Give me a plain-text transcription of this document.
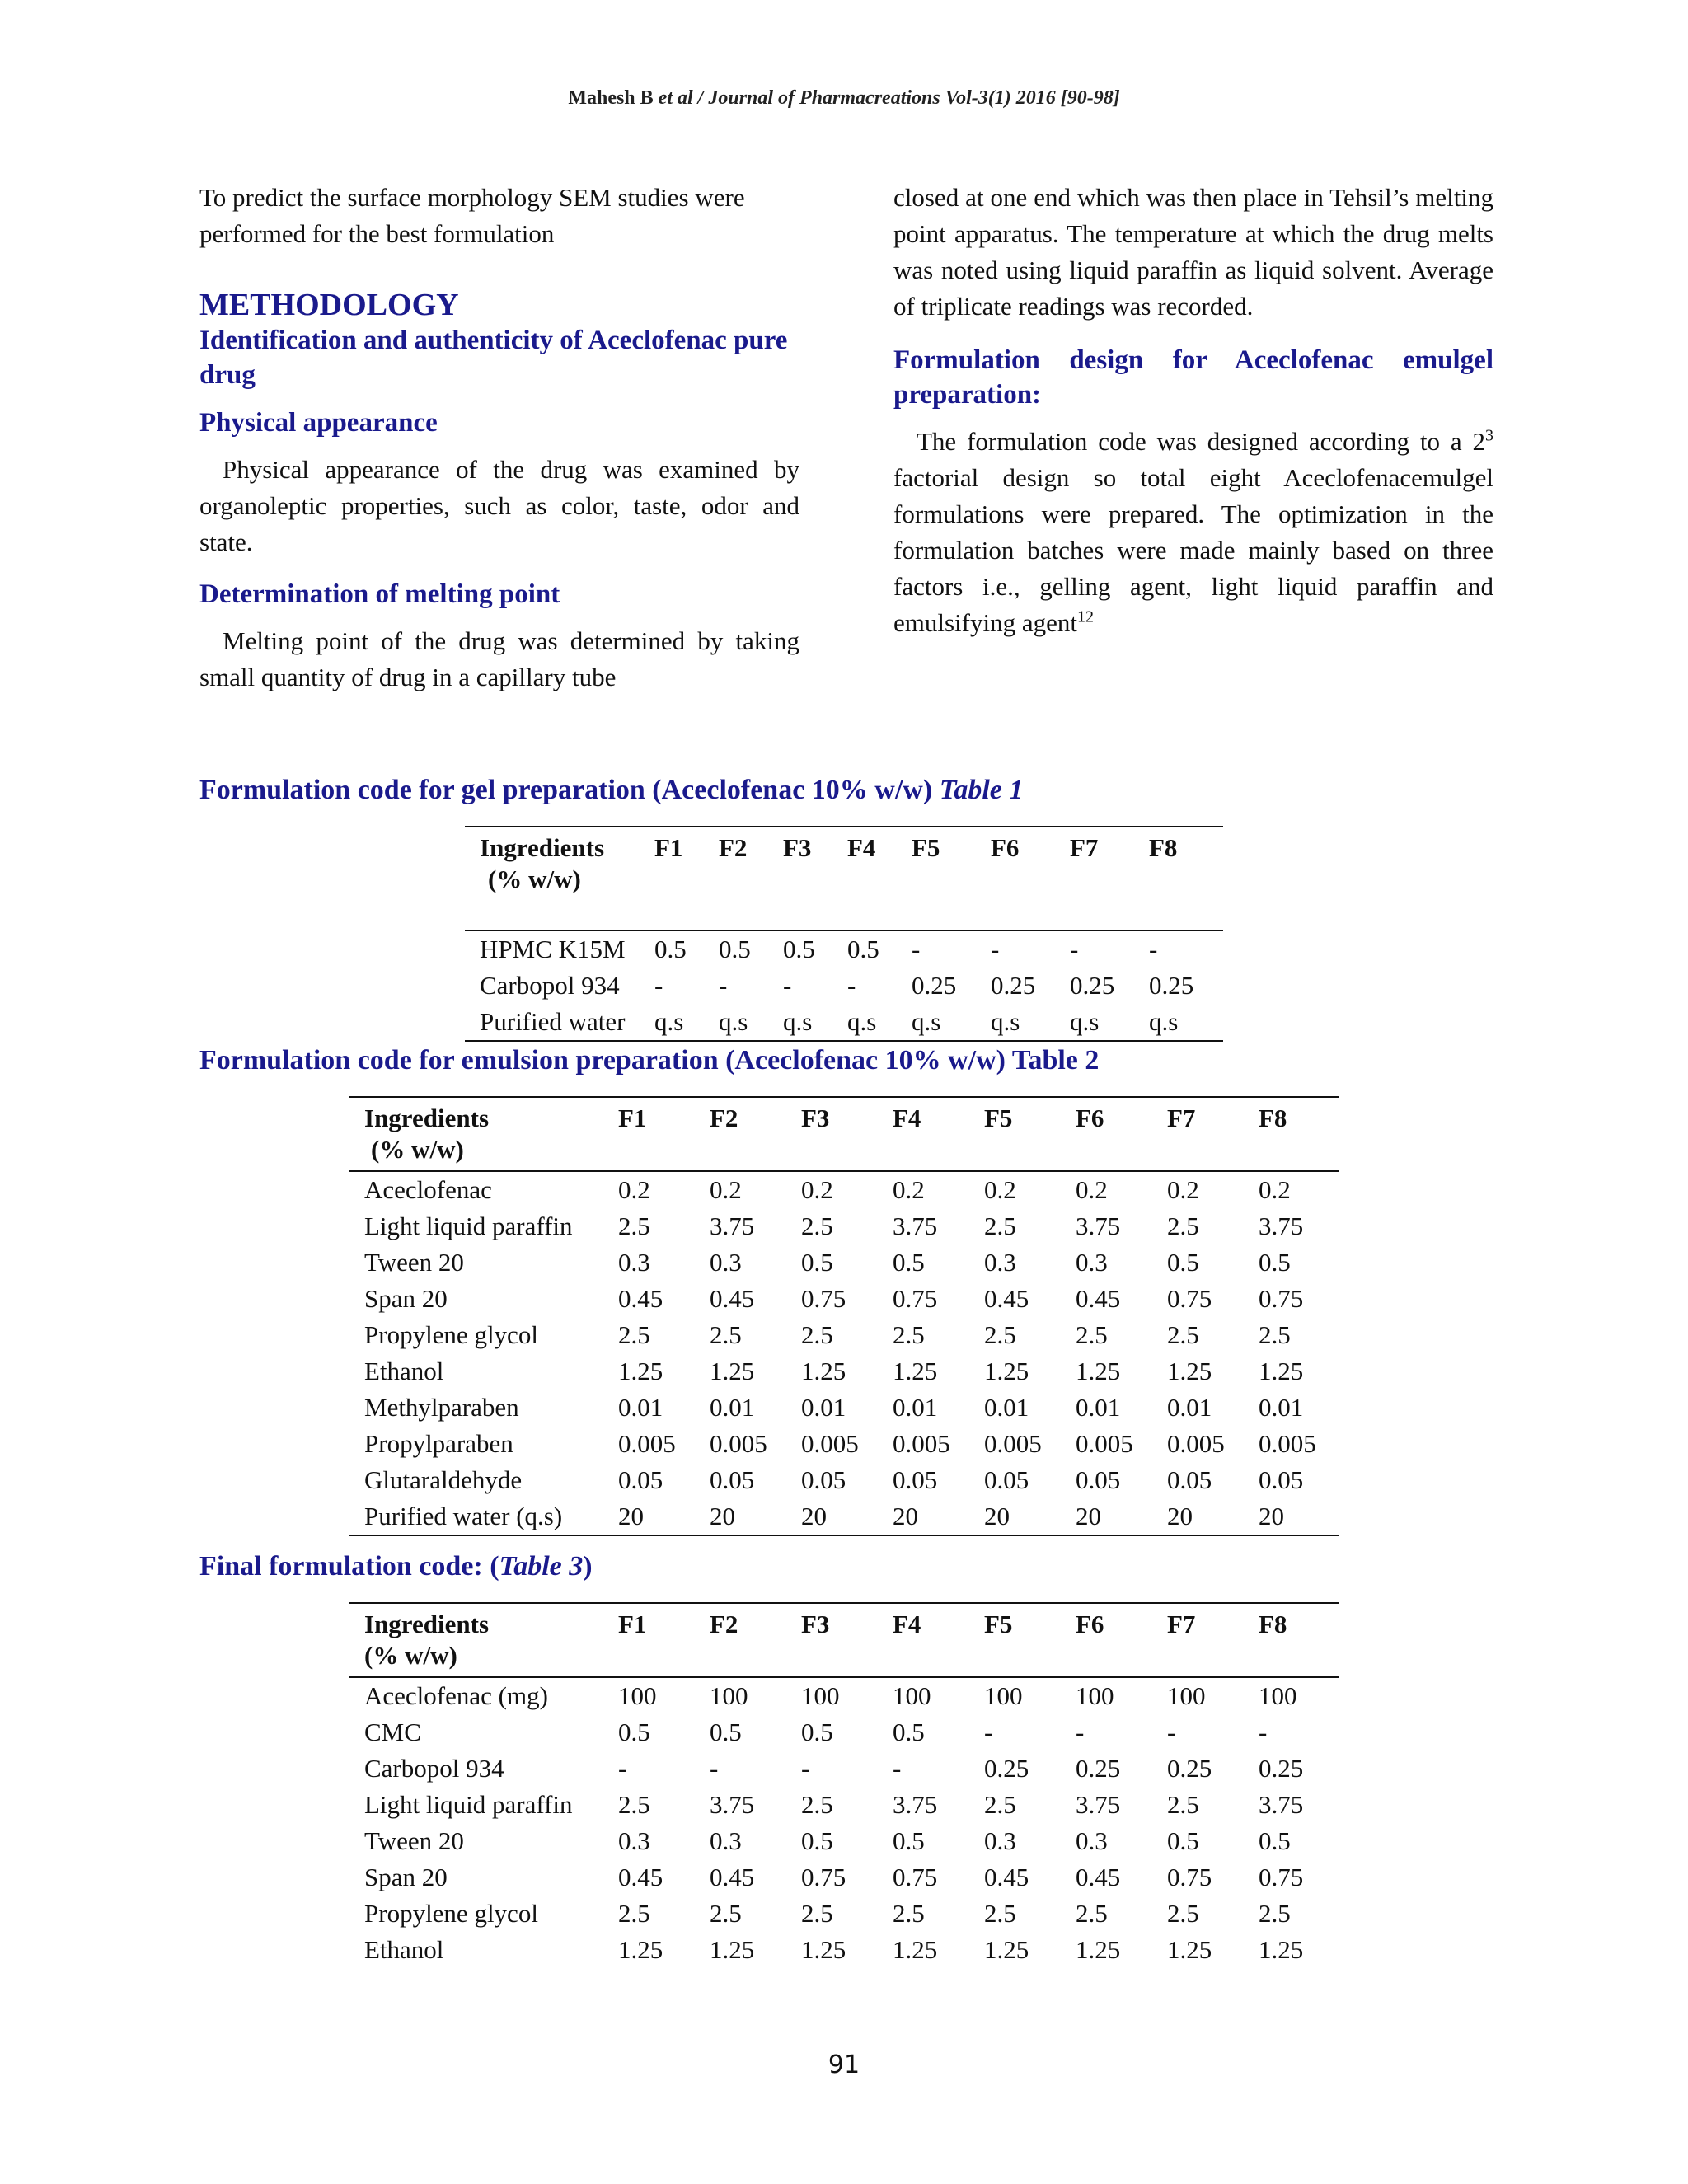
Mahesh B et al / Journal of Pharmacreations Vol-3(1) 2016 [90-98]

To predict the surface morphology SEM studies were performed for the best formulation

METHODOLOGY
Identification and authenticity of Aceclofenac pure drug
Physical appearance

Physical appearance of the drug was examined by organoleptic properties, such as color, taste, odor and state.

Determination of melting point

Melting point of the drug was determined by taking small quantity of drug in a capillary tube

closed at one end which was then place in Tehsil’s melting point apparatus. The temperature at which the drug melts was noted using liquid paraffin as liquid solvent. Average of triplicate readings was recorded.

Formulation design for Aceclofenac emulgel preparation:

The formulation code was designed according to a $2^3$ factorial design so total eight Aceclofenacemulgel formulations were prepared. The optimization in the formulation batches were made mainly based on three factors i.e., gelling agent, light liquid paraffin and emulsifying agent$^{12}$

Formulation code for gel preparation (Aceclofenac 10% w/w) Table 1
Ingredients
(% w/w)	F1	F2	F3	F4	F5	F6	F7	F8
HPMC K15M	0.5	0.5	0.5	0.5	-	-	-	-
Carbopol 934	-	-	-	-	0.25	0.25	0.25	0.25
Purified water	q.s	q.s	q.s	q.s	q.s	q.s	q.s	q.s
Formulation code for emulsion preparation (Aceclofenac 10% w/w) Table 2
Ingredients
(% w/w)	F1	F2	F3	F4	F5	F6	F7	F8
Aceclofenac	0.2	0.2	0.2	0.2	0.2	0.2	0.2	0.2
Light liquid paraffin	2.5	3.75	2.5	3.75	2.5	3.75	2.5	3.75
Tween 20	0.3	0.3	0.5	0.5	0.3	0.3	0.5	0.5
Span 20	0.45	0.45	0.75	0.75	0.45	0.45	0.75	0.75
Propylene glycol	2.5	2.5	2.5	2.5	2.5	2.5	2.5	2.5
Ethanol	1.25	1.25	1.25	1.25	1.25	1.25	1.25	1.25
Methylparaben	0.01	0.01	0.01	0.01	0.01	0.01	0.01	0.01
Propylparaben	0.005	0.005	0.005	0.005	0.005	0.005	0.005	0.005
Glutaraldehyde	0.05	0.05	0.05	0.05	0.05	0.05	0.05	0.05
Purified water (q.s)	20	20	20	20	20	20	20	20
Final formulation code: (Table 3)
Ingredients
(% w/w)	F1	F2	F3	F4	F5	F6	F7	F8
Aceclofenac (mg)	100	100	100	100	100	100	100	100
CMC	0.5	0.5	0.5	0.5	-	-	-	-
Carbopol 934	-	-	-	-	0.25	0.25	0.25	0.25
Light liquid paraffin	2.5	3.75	2.5	3.75	2.5	3.75	2.5	3.75
Tween 20	0.3	0.3	0.5	0.5	0.3	0.3	0.5	0.5
Span 20	0.45	0.45	0.75	0.75	0.45	0.45	0.75	0.75
Propylene glycol	2.5	2.5	2.5	2.5	2.5	2.5	2.5	2.5
Ethanol	1.25	1.25	1.25	1.25	1.25	1.25	1.25	1.25
91
